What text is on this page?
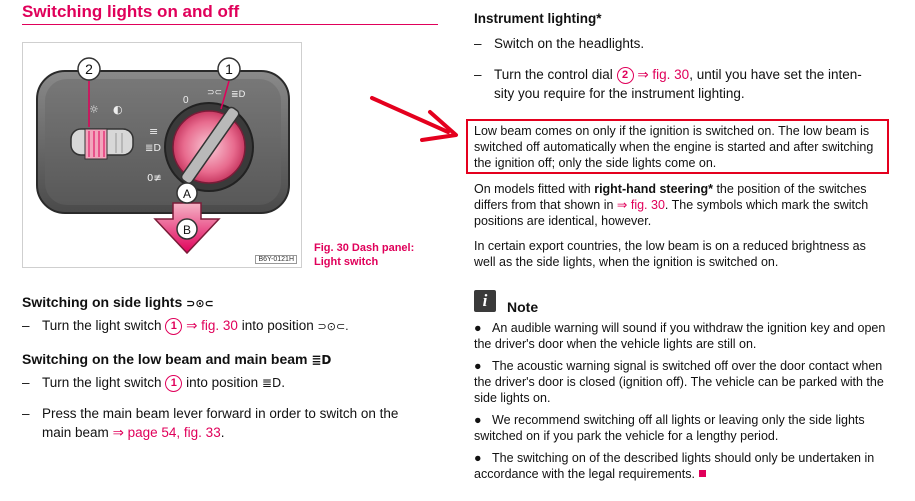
Switching lights on and off
☼ ◐
≡
≣D
0≢
0
⊃⊂ ≣D
2	1
A
B
B6Y-0121H
Fig. 30 Dash panel:
Light switch
Switching on side lights ⊃⊙⊂
– Turn the light switch 1 ⇒ fig. 30 into position ⊃⊙⊂.
Switching on the low beam and main beam ≣D
– Turn the light switch 1 into position ≣D.
– Press the main beam lever forward in order to switch on the
main beam ⇒ page 54, fig. 33.
Instrument lighting*
– Switch on the headlights.
– Turn the control dial 2 ⇒ fig. 30, until you have set the inten-
sity you require for the instrument lighting.
Low beam comes on only if the ignition is switched on. The low beam is
switched off automatically when the engine is started and after switching
the ignition off; only the side lights come on.
On models fitted with right-hand steering* the position of the switches
differs from that shown in ⇒ fig. 30. The symbols which mark the switch
positions are identical, however.
In certain export countries, the low beam is on a reduced brightness as
well as the side lights, when the ignition is switched on.
i	Note
● An audible warning will sound if you withdraw the ignition key and open
the driver's door when the vehicle lights are still on.
● The acoustic warning signal is switched off over the door contact when
the driver's door is closed (ignition off). The vehicle can be parked with the
side lights on.
● We recommend switching off all lights or leaving only the side lights
switched on if you park the vehicle for a lengthy period.
● The switching on of the described lights should only be undertaken in
accordance with the legal requirements.
